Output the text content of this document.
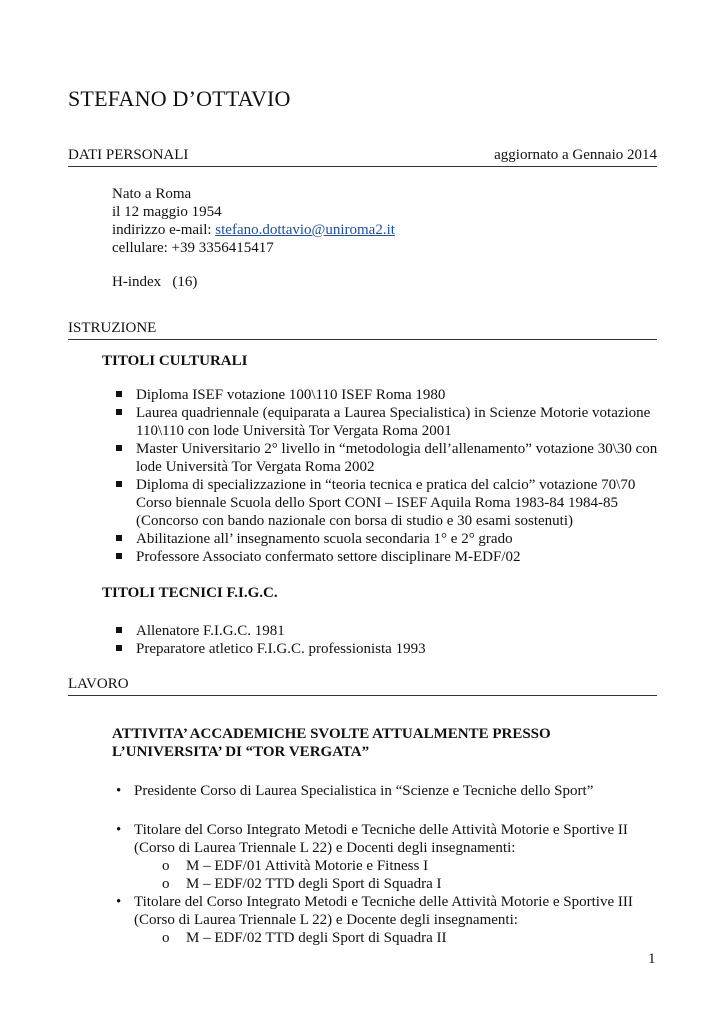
STEFANO D’OTTAVIO
DATI PERSONALI	aggiornato a Gennaio 2014
Nato a Roma
il 12 maggio 1954
indirizzo e-mail: stefano.dottavio@uniroma2.it
cellulare: +39 3356415417
H-index   (16)
ISTRUZIONE
TITOLI CULTURALI
Diploma ISEF votazione 100\110 ISEF Roma 1980
Laurea quadriennale (equiparata a Laurea Specialistica) in Scienze Motorie votazione 110\110 con lode Università Tor Vergata Roma 2001
Master Universitario 2° livello in “metodologia dell’allenamento” votazione 30\30 con lode Università Tor Vergata Roma 2002
Diploma di specializzazione in “teoria tecnica e pratica del calcio” votazione 70\70 Corso biennale Scuola dello Sport CONI – ISEF Aquila Roma 1983-84 1984-85 (Concorso con bando nazionale con borsa di studio e 30 esami sostenuti)
Abilitazione all’ insegnamento scuola secondaria 1° e 2° grado
Professore Associato confermato settore disciplinare M-EDF/02
TITOLI TECNICI F.I.G.C.
Allenatore F.I.G.C. 1981
Preparatore atletico F.I.G.C. professionista 1993
LAVORO
ATTIVITA’ ACCADEMICHE SVOLTE ATTUALMENTE PRESSO
L’UNIVERSITA’ DI “TOR VERGATA”
• Presidente Corso di Laurea Specialistica in “Scienze e Tecniche dello Sport”
• Titolare del Corso Integrato Metodi e Tecniche delle Attività Motorie e Sportive II (Corso di Laurea Triennale L 22) e Docenti degli insegnamenti:
o M – EDF/01 Attività Motorie e Fitness I
o M – EDF/02 TTD degli Sport di Squadra I
• Titolare del Corso Integrato Metodi e Tecniche delle Attività Motorie e Sportive III (Corso di Laurea Triennale L 22) e Docente degli insegnamenti:
o M – EDF/02 TTD degli Sport di Squadra II
1
